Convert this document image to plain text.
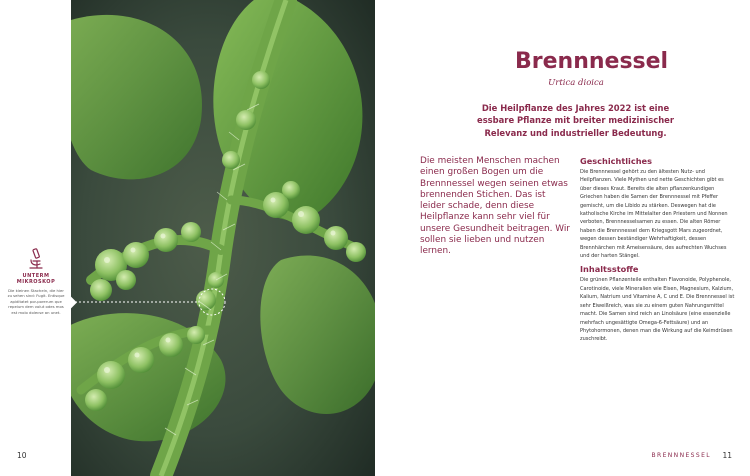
UNTERM
MIKROSKOP
Die kleinen Stacheln, die hier zu sehen sind: Fugit. Entisque apiditatet por-porerum que repeium dem volut odes mos est molo dolecse an unet.
10
Brennnessel
Urtica dioica

Die Heilpflanze des Jahres 2022 ist eine essbare Pflanze mit breiter medizinischer Relevanz und industrieller Bedeutung.

Die meisten Menschen machen einen großen Bogen um die Brennnessel wegen seinen etwas brennenden Stichen. Das ist leider schade, denn diese Heilpflanze kann sehr viel für unsere Gesundheit beitragen. Wir sollen sie lieben und nutzen lernen.

Geschichtliches

Die Brennnessel gehört zu den ältesten Nutz- und Heilpflanzen. Viele Mythen und nette Geschichten gibt es über dieses Kraut. Bereits die alten pflanzenkundigen Griechen haben die Samen der Brennnessel mit Pfeffer gemischt, um die Libido zu stärken. Deswegen hat die katholische Kirche im Mittelalter den Priestern und Nonnen verboten, Brennnesselsamen zu essen. Die alten Römer haben die Brennnessel dem Kriegsgott Mars zugeordnet, wegen dessen beständiger Wehrhaftigkeit, dessen Brennhärchen mit Ameisensäure, des aufrechten Wuchses und der harten Stängel.

Inhaltsstoffe

Die grünen Pflanzenteile enthalten Flavonoide, Polyphenole, Carotinoide, viele Mineralien wie Eisen, Magnesium, Kalzium, Kalium, Natrium und Vitamine A, C und E. Die Brennnessel ist sehr Eiweißreich, was sie zu einem guten Nahrungsmittel macht. Die Samen sind reich an Linolsäure (eine essenzielle mehrfach ungesättigte Omega-6-Fettsäure) und an Phytohormonen, denen man die Wirkung auf die Keimdrüsen zuschreibt.

BRENNNESSEL 11
